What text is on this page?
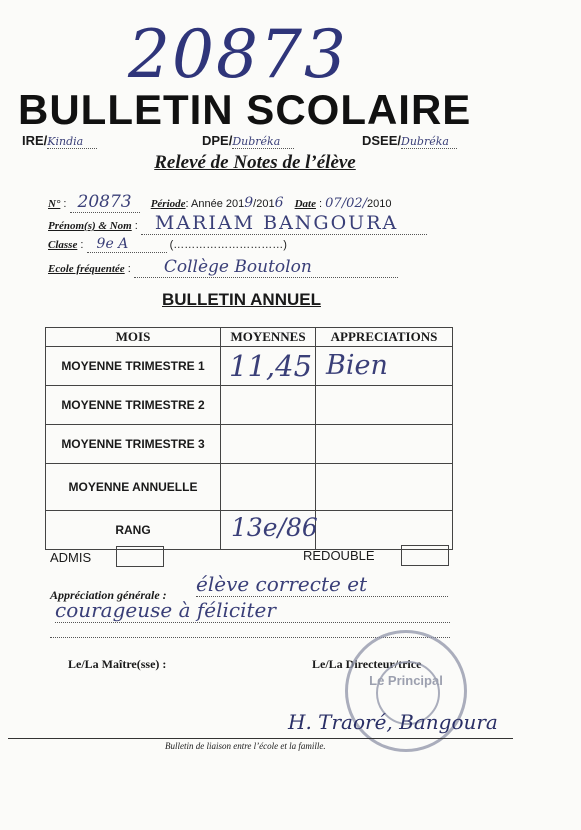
20873
BULLETIN SCOLAIRE
IRE/Kindia	DPE/Dubréka	DSEE/Dubréka
Relevé de Notes de l’élève
N° : 20873 Période: Année 2019/2016 Date : 07/02/2010
Prénom(s) & Nom : MARIAM BANGOURA
Classe : 9e A	(…………………………)
Ecole fréquentée : Collège Boutolon
BULLETIN ANNUEL
MOIS	MOYENNES	APPRECIATIONS
MOYENNE TRIMESTRE 1	11,45	Bien

MOYENNE TRIMESTRE 2		
MOYENNE TRIMESTRE 3		
MOYENNE ANNUELLE		
RANG	13e/86	

ADMIS	REDOUBLE
Appréciation générale : élève correcte et
courageuse à féliciter
Le/La Maître(sse) :	Le/La Directeur/trice
Le Principal
H. Traoré, Bangoura
Bulletin de liaison entre l’école et la famille.
